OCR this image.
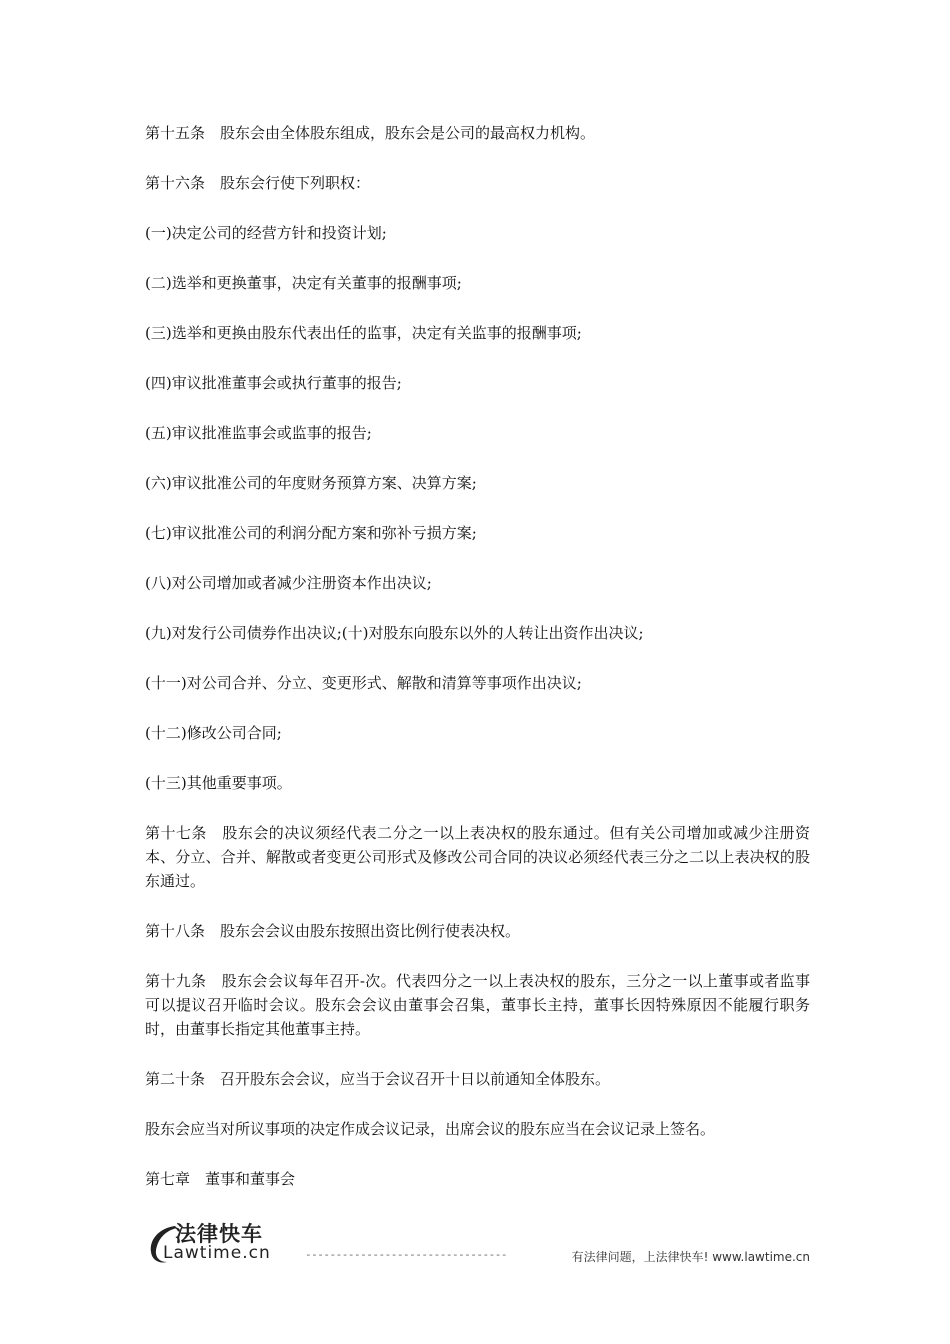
第十五条　股东会由全体股东组成，股东会是公司的最高权力机构。

第十六条　股东会行使下列职权：

(一)决定公司的经营方针和投资计划;

(二)选举和更换董事，决定有关董事的报酬事项;

(三)选举和更换由股东代表出任的监事，决定有关监事的报酬事项;

(四)审议批准董事会或执行董事的报告;

(五)审议批准监事会或监事的报告;

(六)审议批准公司的年度财务预算方案、决算方案;

(七)审议批准公司的利润分配方案和弥补亏损方案;

(八)对公司增加或者减少注册资本作出决议;

(九)对发行公司债券作出决议;(十)对股东向股东以外的人转让出资作出决议;

(十一)对公司合并、分立、变更形式、解散和清算等事项作出决议;

(十二)修改公司合同;

(十三)其他重要事项。

第十七条　股东会的决议须经代表二分之一以上表决权的股东通过。但有关公司增加或减少注册资本、分立、合并、解散或者变更公司形式及修改公司合同的决议必须经代表三分之二以上表决权的股东通过。

第十八条　股东会会议由股东按照出资比例行使表决权。

第十九条　股东会会议每年召开-次。代表四分之一以上表决权的股东，三分之一以上董事或者监事可以提议召开临时会议。股东会会议由董事会召集，董事长主持，董事长因特殊原因不能履行职务时，由董事长指定其他董事主持。

第二十条　召开股东会会议，应当于会议召开十日以前通知全体股东。

股东会应当对所议事项的决定作成会议记录，出席会议的股东应当在会议记录上签名。

第七章　董事和董事会

法律快车
Lawtime.cn	---------------------------------	有法律问题，上法律快车! www.lawtime.cn
